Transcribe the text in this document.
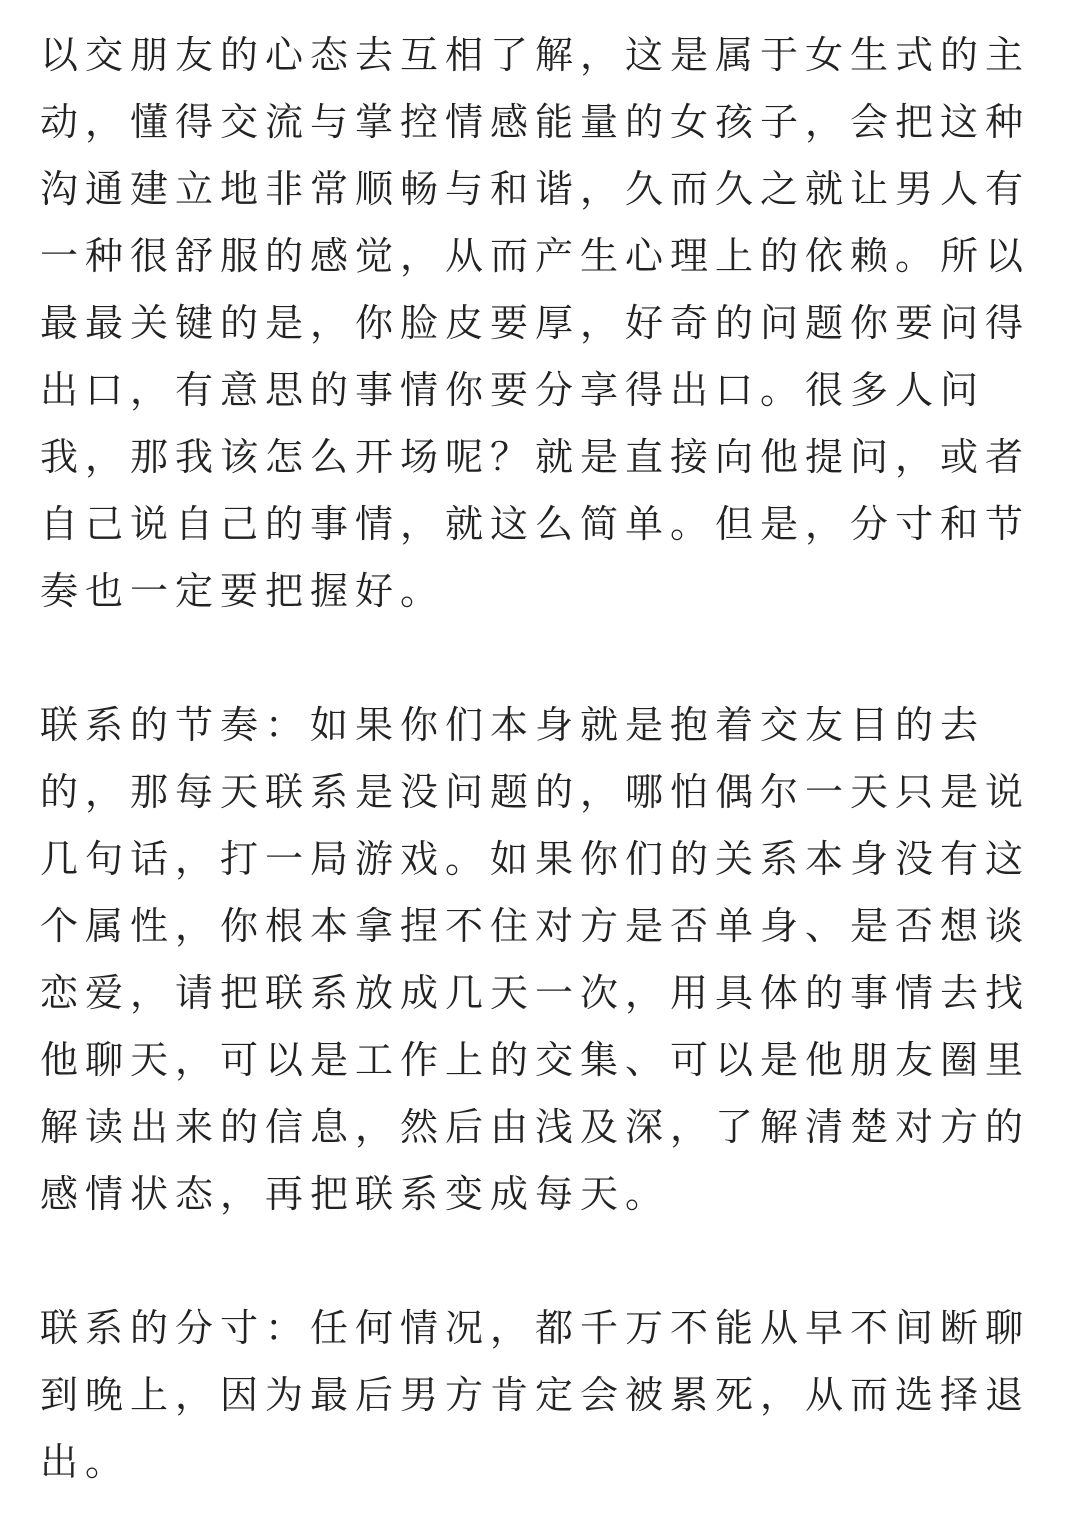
以交朋友的心态去互相了解，这是属于女生式的主
动，懂得交流与掌控情感能量的女孩子，会把这种
沟通建立地非常顺畅与和谐，久而久之就让男人有
一种很舒服的感觉，从而产生心理上的依赖。所以
最最关键的是，你脸皮要厚，好奇的问题你要问得
出口，有意思的事情你要分享得出口。很多人问
我，那我该怎么开场呢？就是直接向他提问，或者
自己说自己的事情，就这么简单。但是，分寸和节
奏也一定要把握好。
联系的节奏：如果你们本身就是抱着交友目的去
的，那每天联系是没问题的，哪怕偶尔一天只是说
几句话，打一局游戏。如果你们的关系本身没有这
个属性，你根本拿捏不住对方是否单身、是否想谈
恋爱，请把联系放成几天一次，用具体的事情去找
他聊天，可以是工作上的交集、可以是他朋友圈里
解读出来的信息，然后由浅及深，了解清楚对方的
感情状态，再把联系变成每天。
联系的分寸：任何情况，都千万不能从早不间断聊
到晚上，因为最后男方肯定会被累死，从而选择退
出。
